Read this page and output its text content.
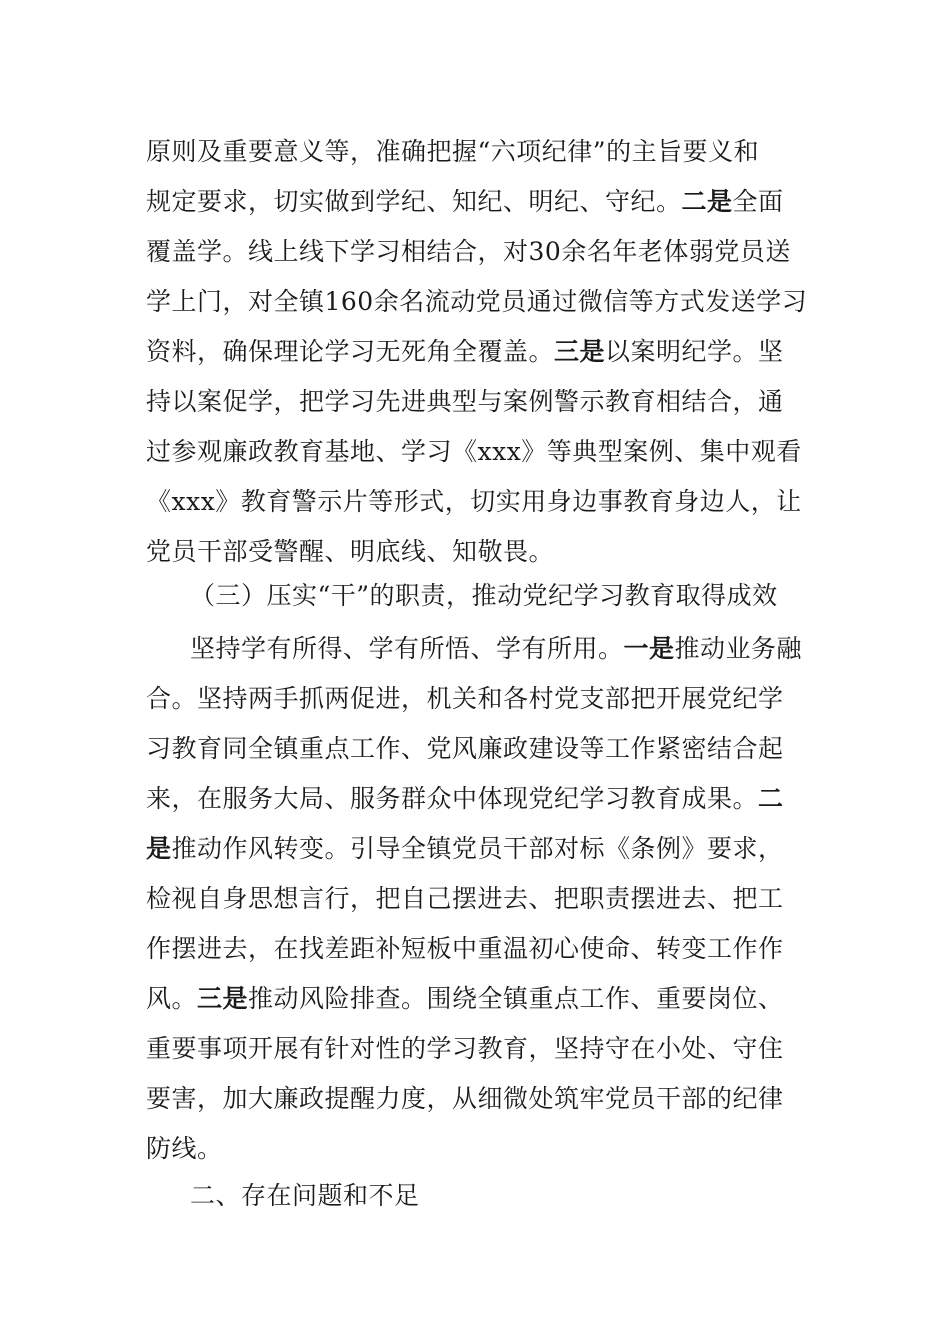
原则及重要意义等，准确把握“六项纪律”的主旨要义和
规定要求，切实做到学纪、知纪、明纪、守纪。二是全面
覆盖学。线上线下学习相结合，对30余名年老体弱党员送
学上门，对全镇160余名流动党员通过微信等方式发送学习
资料，确保理论学习无死角全覆盖。三是以案明纪学。坚
持以案促学，把学习先进典型与案例警示教育相结合，通
过参观廉政教育基地、学习《xxx》等典型案例、集中观看
《xxx》教育警示片等形式，切实用身边事教育身边人，让
党员干部受警醒、明底线、知敬畏。
（三）压实“干”的职责，推动党纪学习教育取得成效
坚持学有所得、学有所悟、学有所用。一是推动业务融
合。坚持两手抓两促进，机关和各村党支部把开展党纪学
习教育同全镇重点工作、党风廉政建设等工作紧密结合起
来，在服务大局、服务群众中体现党纪学习教育成果。二
是推动作风转变。引导全镇党员干部对标《条例》要求，
检视自身思想言行，把自己摆进去、把职责摆进去、把工
作摆进去，在找差距补短板中重温初心使命、转变工作作
风。三是推动风险排查。围绕全镇重点工作、重要岗位、
重要事项开展有针对性的学习教育，坚持守在小处、守住
要害，加大廉政提醒力度，从细微处筑牢党员干部的纪律
防线。
二、存在问题和不足
